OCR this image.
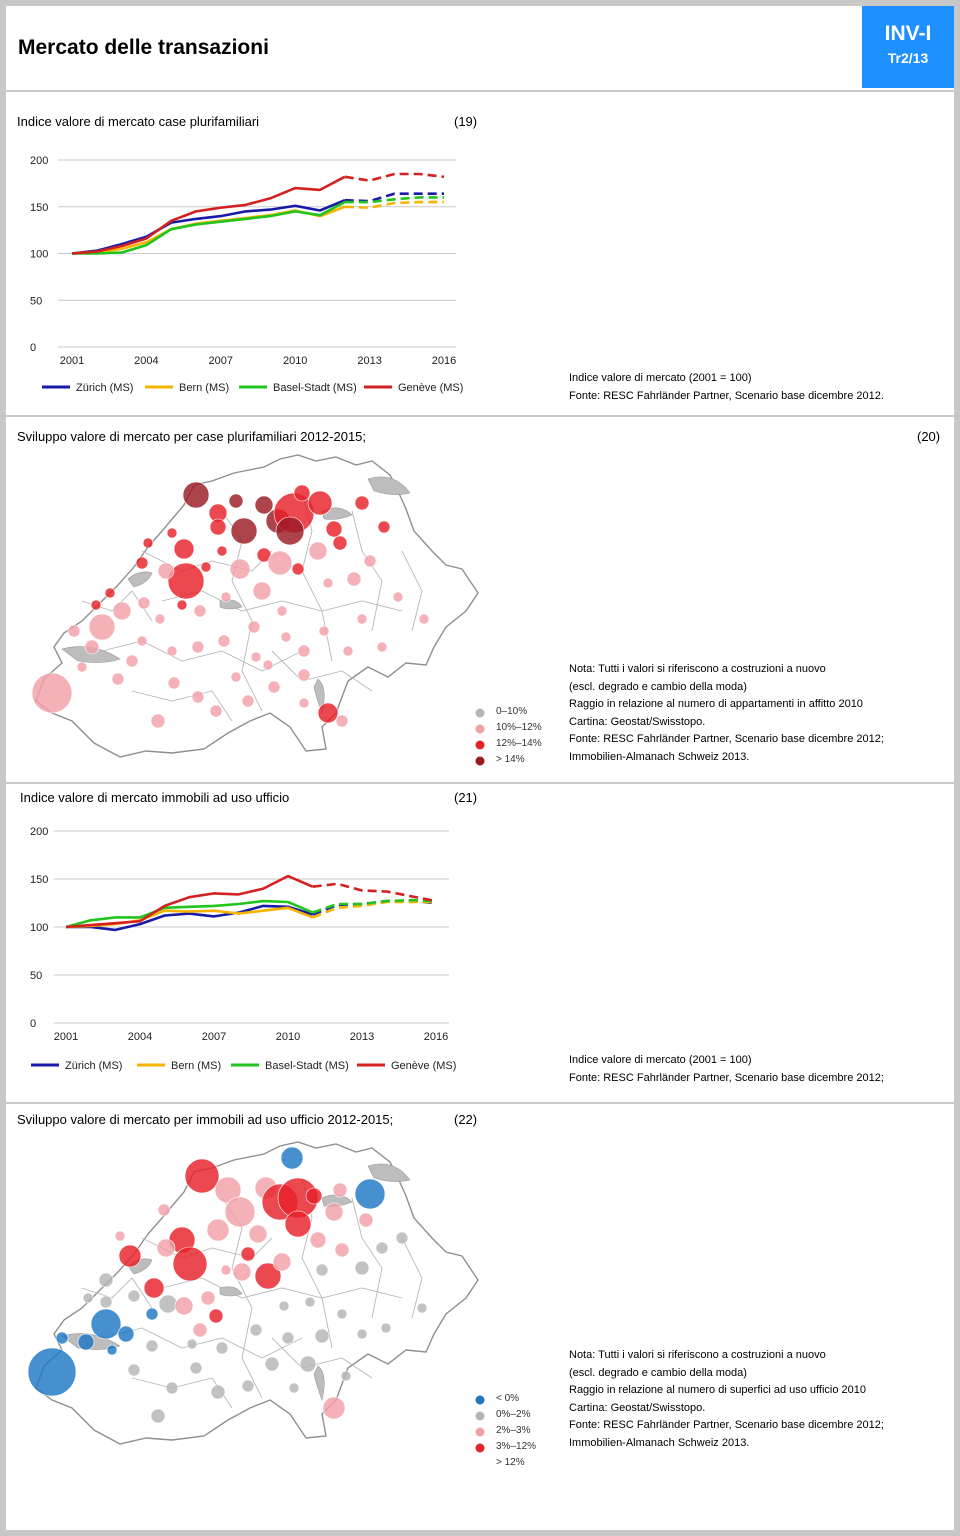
Mercato delle transazioni
INV-I
Tr2/13
Indice valore di mercato case plurifamiliari	(19)
0
50
100
150
200
2001	2004	2007	2010	2013	2016
Zürich (MS)	Bern (MS)	Basel-Stadt (MS)	Genève (MS)
Indice valore di mercato (2001 = 100)
Fonte: RESC Fahrländer Partner, Scenario base dicembre 2012.
Sviluppo valore di mercato per case plurifamiliari 2012-2015;	(20)
0–10%
10%–12%
12%–14%
> 14%
Nota: Tutti i valori si riferiscono a costruzioni a nuovo
(escl. degrado e cambio della moda)
Raggio in relazione al numero di appartamenti in affitto 2010
Cartina: Geostat/Swisstopo.
Fonte: RESC Fahrländer Partner, Scenario base dicembre 2012;
Immobilien-Almanach Schweiz 2013.
Indice valore di mercato immobili ad uso ufficio	(21)
0
50
100
150
200
2001	2004	2007	2010	2013	2016
Zürich (MS)	Bern (MS)	Basel-Stadt (MS)	Genève (MS)	Indice valore di mercato (2001 = 100)
Fonte: RESC Fahrländer Partner, Scenario base dicembre 2012;
Sviluppo valore di mercato per immobili ad uso ufficio 2012-2015;	(22)
< 0%
0%–2%
2%–3%
3%–12%
> 12%
Nota: Tutti i valori si riferiscono a costruzioni a nuovo
(escl. degrado e cambio della moda)
Raggio in relazione al numero di superfici ad uso ufficio 2010
Cartina: Geostat/Swisstopo.
Fonte: RESC Fahrländer Partner, Scenario base dicembre 2012;
Immobilien-Almanach Schweiz 2013.
